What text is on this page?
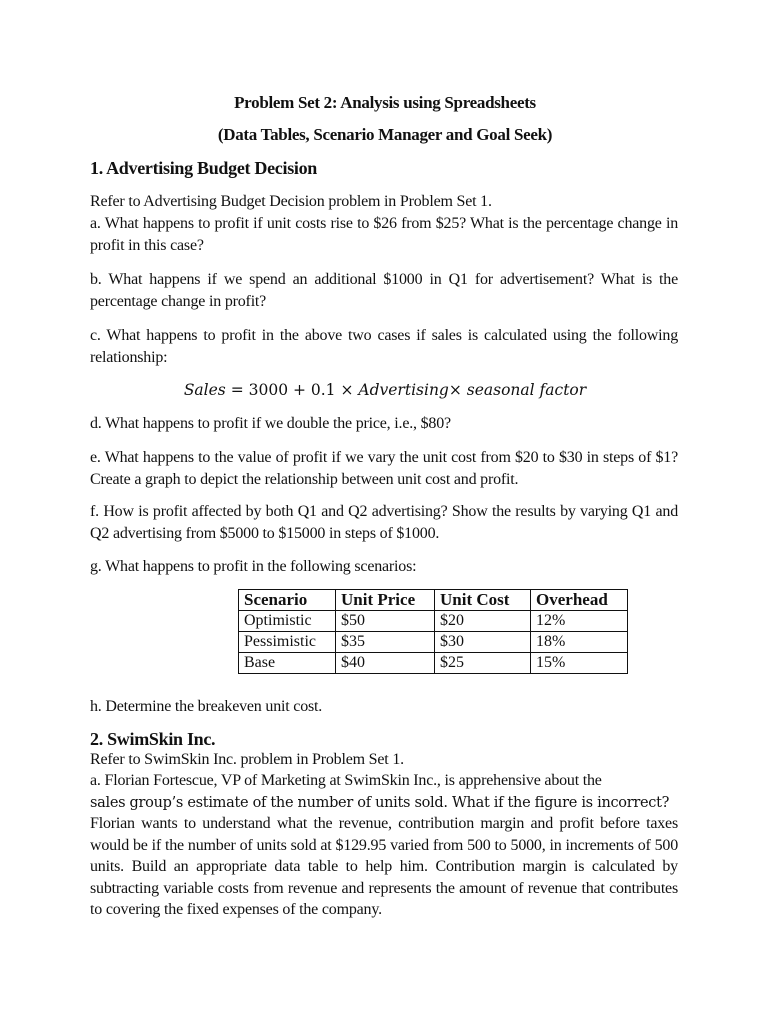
Problem Set 2: Analysis using Spreadsheets
(Data Tables, Scenario Manager and Goal Seek)
1. Advertising Budget Decision
Refer to Advertising Budget Decision problem in Problem Set 1.
a. What happens to profit if unit costs rise to $26 from $25? What is the percentage change in profit in this case?
b. What happens if we spend an additional $1000 in Q1 for advertisement? What is the percentage change in profit?
c. What happens to profit in the above two cases if sales is calculated using the following relationship:
Sales = 3000 + 0.1 × Advertising× seasonal factor
d. What happens to profit if we double the price, i.e., $80?
e. What happens to the value of profit if we vary the unit cost from $20 to $30 in steps of $1? Create a graph to depict the relationship between unit cost and profit.
f. How is profit affected by both Q1 and Q2 advertising? Show the results by varying Q1 and Q2 advertising from $5000 to $15000 in steps of $1000.
g. What happens to profit in the following scenarios:
Scenario	Unit Price	Unit Cost	Overhead
Optimistic	$50	$20	12%
Pessimistic	$35	$30	18%
Base	$40	$25	15%
h. Determine the breakeven unit cost.
2. SwimSkin Inc.
Refer to SwimSkin Inc. problem in Problem Set 1.
a. Florian Fortescue, VP of Marketing at SwimSkin Inc., is apprehensive about the
sales group’s estimate of the number of units sold. What if the figure is incorrect?
Florian wants to understand what the revenue, contribution margin and profit before taxes would be if the number of units sold at $129.95 varied from 500 to 5000, in increments of 500 units. Build an appropriate data table to help him. Contribution margin is calculated by subtracting variable costs from revenue and represents the amount of revenue that contributes to covering the fixed expenses of the company.
